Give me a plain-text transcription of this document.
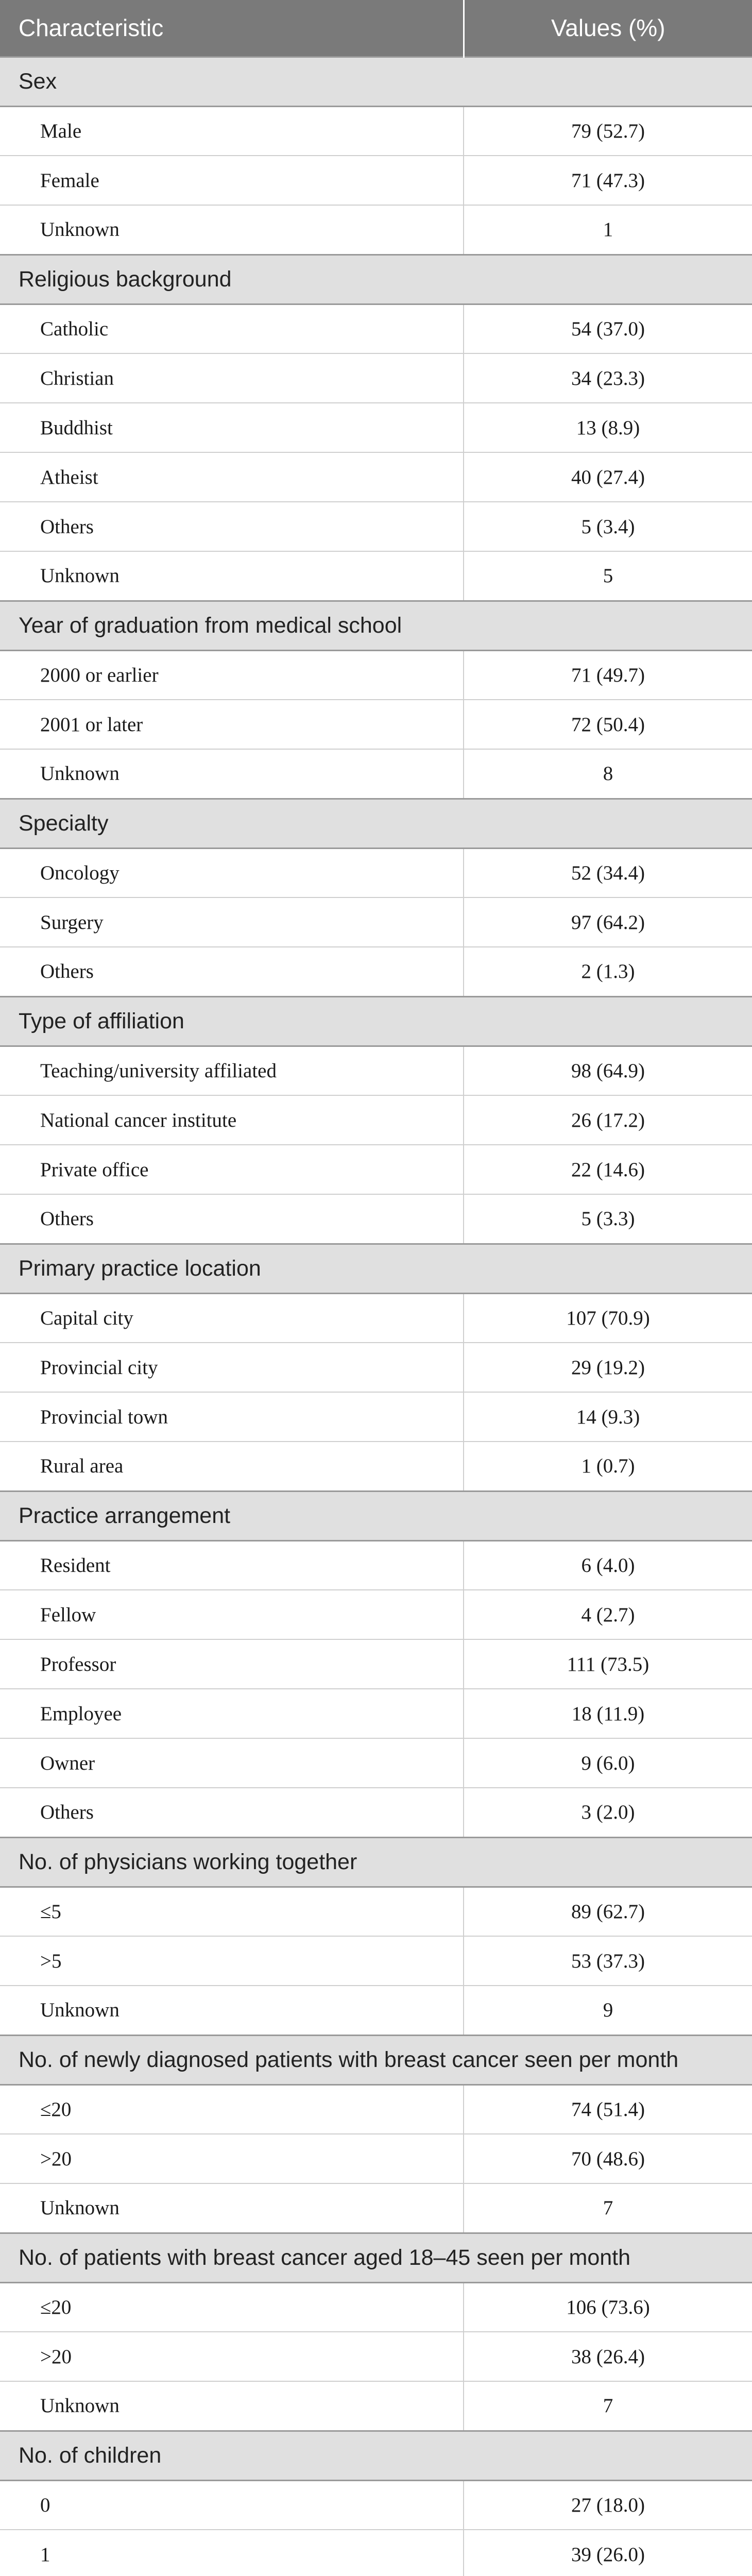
Characteristic	Values (%)
Sex	
Male	79 (52.7)
Female	71 (47.3)
Unknown	1
Religious background	
Catholic	54 (37.0)
Christian	34 (23.3)
Buddhist	13 (8.9)
Atheist	40 (27.4)
Others	5 (3.4)
Unknown	5
Year of graduation from medical school	
2000 or earlier	71 (49.7)
2001 or later	72 (50.4)
Unknown	8
Specialty	
Oncology	52 (34.4)
Surgery	97 (64.2)
Others	2 (1.3)
Type of affiliation	
Teaching/university affiliated	98 (64.9)
National cancer institute	26 (17.2)
Private office	22 (14.6)
Others	5 (3.3)
Primary practice location	
Capital city	107 (70.9)
Provincial city	29 (19.2)
Provincial town	14 (9.3)
Rural area	1 (0.7)
Practice arrangement	
Resident	6 (4.0)
Fellow	4 (2.7)
Professor	111 (73.5)
Employee	18 (11.9)
Owner	9 (6.0)
Others	3 (2.0)
No. of physicians working together	
≤5	89 (62.7)
>5	53 (37.3)
Unknown	9
No. of newly diagnosed patients with breast cancer seen per month	
≤20	74 (51.4)
>20	70 (48.6)
Unknown	7
No. of patients with breast cancer aged 18–45 seen per month	
≤20	106 (73.6)
>20	38 (26.4)
Unknown	7
No. of children	
0	27 (18.0)
1	39 (26.0)
